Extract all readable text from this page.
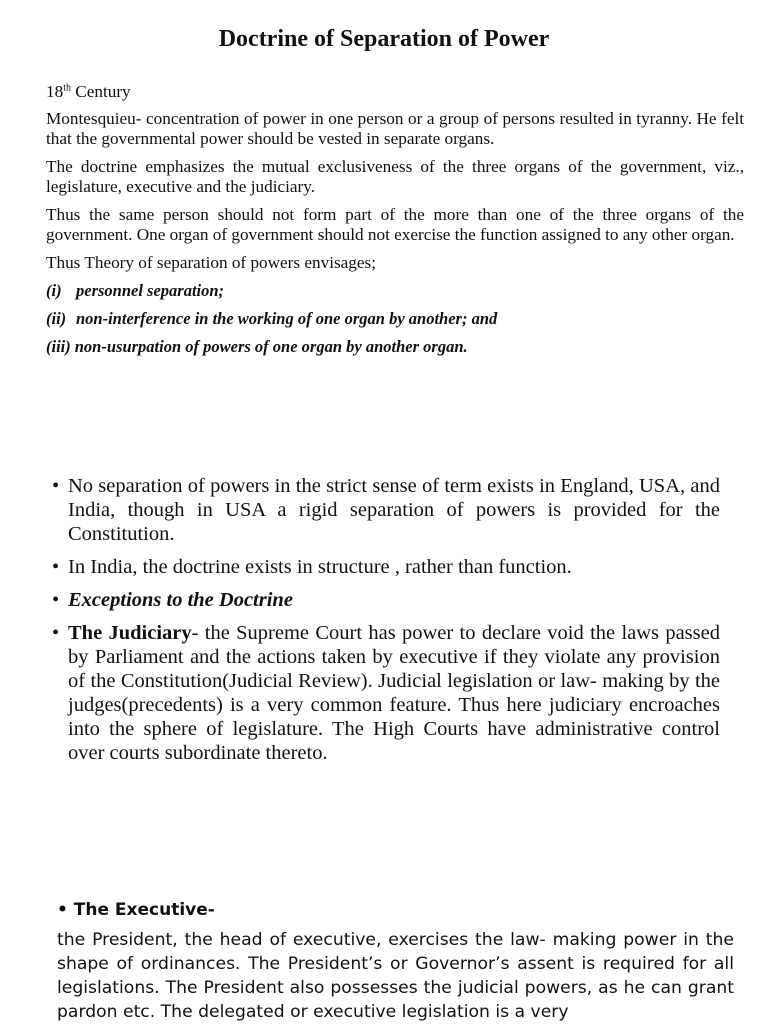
Doctrine of Separation of Power

18th Century

Montesquieu- concentration of power in one person or a group of persons resulted in tyranny. He felt that the governmental power should be vested in separate organs.

The doctrine emphasizes the mutual exclusiveness of the three organs of the government, viz., legislature, executive and the judiciary.

Thus the same person should not form part of the more than one of the three organs of the government. One organ of government should not exercise the function assigned to any other organ.

Thus Theory of separation of powers envisages;

(i) personnel separation;

(ii) non-interference in the working of one organ by another; and

(iii) non-usurpation of powers of one organ by another organ.

• No separation of powers in the strict sense of term exists in England, USA, and India, though in USA a rigid separation of powers is provided for the Constitution.
• In India, the doctrine exists in structure , rather than function.
• Exceptions to the Doctrine
• The Judiciary- the Supreme Court has power to declare void the laws passed by Parliament and the actions taken by executive if they violate any provision of the Constitution(Judicial Review). Judicial legislation or law- making by the judges(precedents) is a very common feature. Thus here judiciary encroaches into the sphere of legislature. The High Courts have administrative control over courts subordinate thereto.

• The Executive-

the President, the head of executive, exercises the law- making power in the shape of ordinances. The President’s or Governor’s assent is required for all legislations. The President also possesses the judicial powers, as he can grant pardon etc. The delegated or executive legislation is a very
